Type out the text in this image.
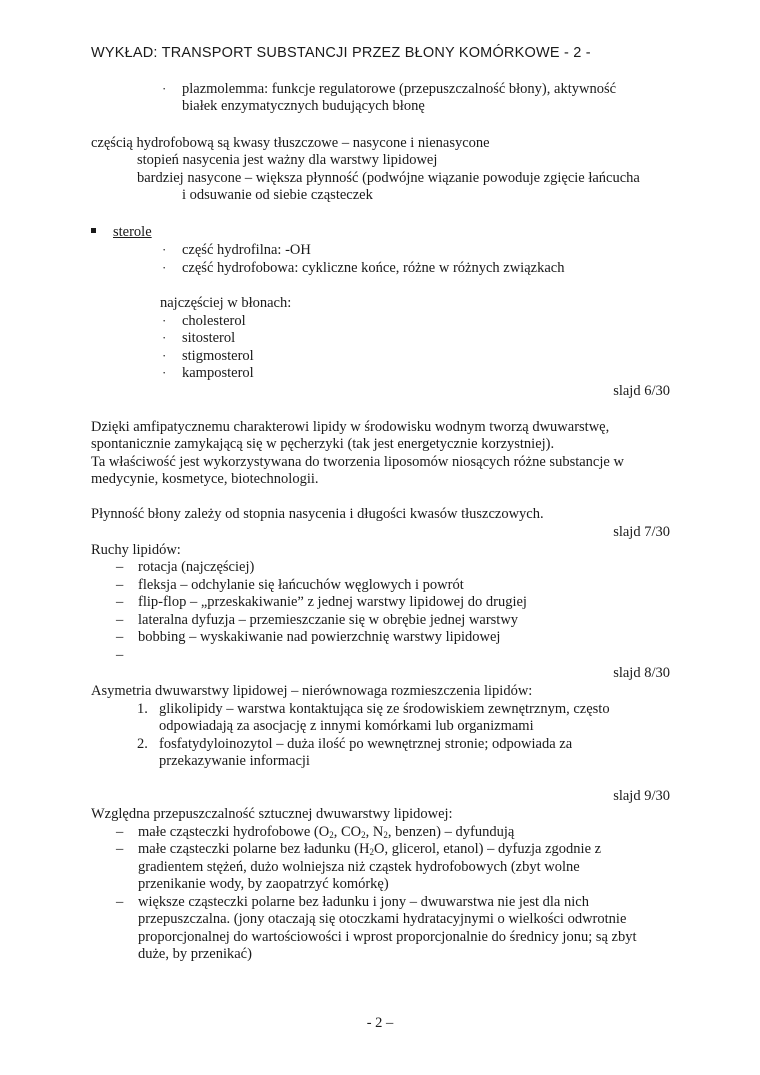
WYKŁAD: TRANSPORT SUBSTANCJI PRZEZ BŁONY KOMÓRKOWE - 2 -
· plazmolemma: funkcje regulatorowe (przepuszczalność błony), aktywność
białek enzymatycznych budujących błonę
częścią hydrofobową są kwasy tłuszczowe – nasycone i nienasycone
stopień nasycenia jest ważny dla warstwy lipidowej
bardziej nasycone – większa płynność (podwójne wiązanie powoduje zgięcie łańcucha
i odsuwanie od siebie cząsteczek
sterole
· część hydrofilna: -OH
· część hydrofobowa: cykliczne końce, różne w różnych związkach
najczęściej w błonach:
· cholesterol
· sitosterol
· stigmosterol
· kamposterol
slajd 6/30
Dzięki amfipatycznemu charakterowi lipidy w środowisku wodnym tworzą dwuwarstwę,
spontanicznie zamykającą się w pęcherzyki (tak jest energetycznie korzystniej).
Ta właściwość jest wykorzystywana do tworzenia liposomów niosących różne substancje w
medycynie, kosmetyce, biotechnologii.
Płynność błony zależy od stopnia nasycenia i długości kwasów tłuszczowych.
slajd 7/30
Ruchy lipidów:
– rotacja (najczęściej)
– fleksja – odchylanie się łańcuchów węglowych i powrót
– flip-flop – „przeskakiwanie” z jednej warstwy lipidowej do drugiej
– lateralna dyfuzja – przemieszczanie się w obrębie jednej warstwy
– bobbing – wyskakiwanie nad powierzchnię warstwy lipidowej
–
slajd 8/30
Asymetria dwuwarstwy lipidowej – nierównowaga rozmieszczenia lipidów:
1. glikolipidy – warstwa kontaktująca się ze środowiskiem zewnętrznym, często
odpowiadają za asocjację z innymi komórkami lub organizmami
2. fosfatydyloinozytol – duża ilość po wewnętrznej stronie; odpowiada za
przekazywanie informacji
slajd 9/30
Względna przepuszczalność sztucznej dwuwarstwy lipidowej:
– małe cząsteczki hydrofobowe ($O_2$, $CO_2$, $N_2$, benzen) – dyfundują
– małe cząsteczki polarne bez ładunku ($H_2O$, glicerol, etanol) – dyfuzja zgodnie z
gradientem stężeń, dużo wolniejsza niż cząstek hydrofobowych (zbyt wolne
przenikanie wody, by zaopatrzyć komórkę)
– większe cząsteczki polarne bez ładunku i jony – dwuwarstwa nie jest dla nich
przepuszczalna. (jony otaczają się otoczkami hydratacyjnymi o wielkości odwrotnie
proporcjonalnej do wartościowości i wprost proporcjonalnie do średnicy jonu; są zbyt
duże, by przenikać)
- 2 –
